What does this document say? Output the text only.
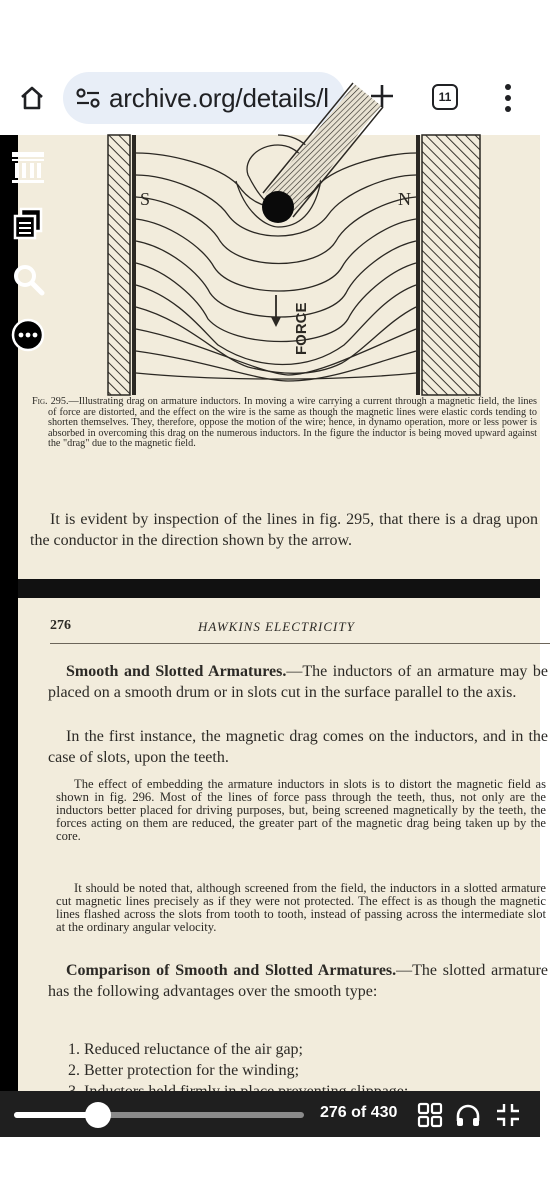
archive.org/details/l	11
S	N
FORCE
Fig. 295.—Illustrating drag on armature inductors. In moving a wire carrying a current through a magnetic field, the lines of force are distorted, and the effect on the wire is the same as though the magnetic lines were elastic cords tending to shorten themselves. They, therefore, oppose the motion of the wire; hence, in dynamo operation, more or less power is absorbed in overcoming this drag on the numerous inductors. In the figure the inductor is being moved upward against the "drag" due to the magnetic field.

It is evident by inspection of the lines in fig. 295, that there is a drag upon the conductor in the direction shown by the arrow.

276	HAWKINS ELECTRICITY

Smooth and Slotted Armatures.—The inductors of an armature may be placed on a smooth drum or in slots cut in the surface parallel to the axis.

In the first instance, the magnetic drag comes on the inductors, and in the case of slots, upon the teeth.

The effect of embedding the armature inductors in slots is to distort the magnetic field as shown in fig. 296. Most of the lines of force pass through the teeth, thus, not only are the inductors better placed for driving purposes, but, being screened magnetically by the teeth, the forces acting on them are reduced, the greater part of the magnetic drag being taken up by the core.

It should be noted that, although screened from the field, the inductors in a slotted armature cut magnetic lines precisely as if they were not protected. The effect is as though the magnetic lines flashed across the slots from tooth to tooth, instead of passing across the intermediate slot at the ordinary angular velocity.

Comparison of Smooth and Slotted Armatures.—The slotted armature has the following advantages over the smooth type:

1. Reduced reluctance of the air gap;
2. Better protection for the winding;
276 of 430
